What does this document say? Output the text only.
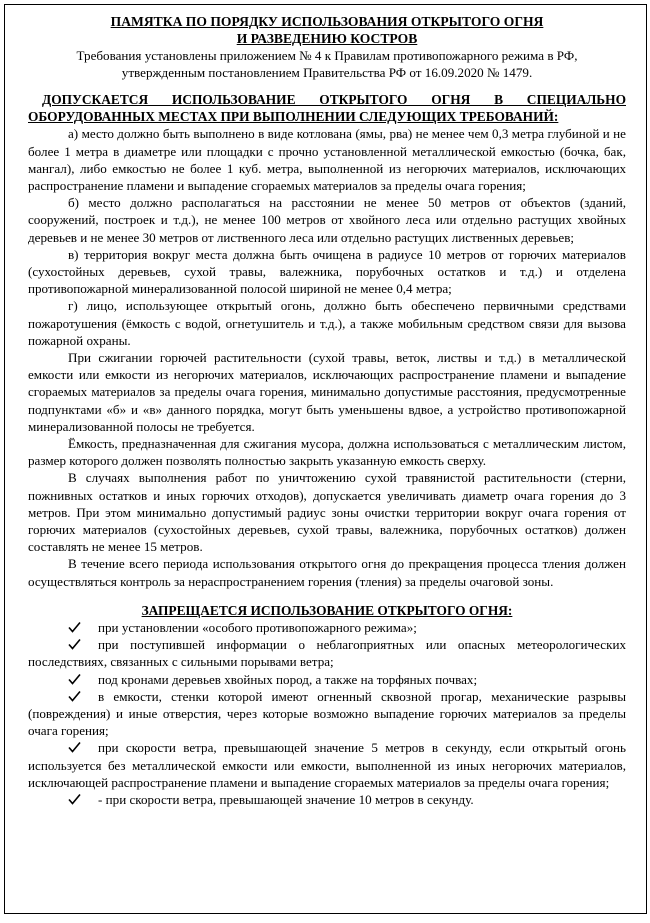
ПАМЯТКА ПО ПОРЯДКУ ИСПОЛЬЗОВАНИЯ ОТКРЫТОГО ОГНЯ
И РАЗВЕДЕНИЮ КОСТРОВ

Требования установлены приложением № 4 к Правилам противопожарного режима в РФ,
утвержденным постановлением Правительства РФ от 16.09.2020 № 1479.

ДОПУСКАЕТСЯ ИСПОЛЬЗОВАНИЕ ОТКРЫТОГО ОГНЯ В СПЕЦИАЛЬНО ОБОРУДОВАННЫХ МЕСТАХ ПРИ ВЫПОЛНЕНИИ СЛЕДУЮЩИХ ТРЕБОВАНИЙ:

а) место должно быть выполнено в виде котлована (ямы, рва) не менее чем 0,3 метра глубиной и не более 1 метра в диаметре или площадки с прочно установленной металлической емкостью (бочка, бак, мангал), либо емкостью не более 1 куб. метра, выполненной из негорючих материалов, исключающих распространение пламени и выпадение сгораемых материалов за пределы очага горения;

б) место должно располагаться на расстоянии не менее 50 метров от объектов (зданий, сооружений, построек и т.д.), не менее 100 метров от хвойного леса или отдельно растущих хвойных деревьев и не менее 30 метров от лиственного леса или отдельно растущих лиственных деревьев;

в) территория вокруг места должна быть очищена в радиусе 10 метров от горючих материалов (сухостойных деревьев, сухой травы, валежника, порубочных остатков и т.д.) и отделена противопожарной минерализованной полосой шириной не менее 0,4 метра;

г) лицо, использующее открытый огонь, должно быть обеспечено первичными средствами пожаротушения (ёмкость с водой, огнетушитель и т.д.), а также мобильным средством связи для вызова пожарной охраны.

При сжигании горючей растительности (сухой травы, веток, листвы и т.д.) в металлической емкости или емкости из негорючих материалов, исключающих распространение пламени и выпадение сгораемых материалов за пределы очага горения, минимально допустимые расстояния, предусмотренные подпунктами «б» и «в» данного порядка, могут быть уменьшены вдвое, а устройство противопожарной минерализованной полосы не требуется.

Ёмкость, предназначенная для сжигания мусора, должна использоваться с металлическим листом, размер которого должен позволять полностью закрыть указанную емкость сверху.

В случаях выполнения работ по уничтожению сухой травянистой растительности (стерни, пожнивных остатков и иных горючих отходов), допускается увеличивать диаметр очага горения до 3 метров. При этом минимально допустимый радиус зоны очистки территории вокруг очага горения от горючих материалов (сухостойных деревьев, сухой травы, валежника, порубочных остатков) должен составлять не менее 15 метров.

В течение всего периода использования открытого огня до прекращения процесса тления должен осуществляться контроль за нераспространением горения (тления) за пределы очаговой зоны.

ЗАПРЕЩАЕТСЯ ИСПОЛЬЗОВАНИЕ ОТКРЫТОГО ОГНЯ:

при установлении «особого противопожарного режима»;

при поступившей информации о неблагоприятных или опасных метеорологических последствиях, связанных с сильными порывами ветра;

под кронами деревьев хвойных пород, а также на торфяных почвах;

в емкости, стенки которой имеют огненный сквозной прогар, механические разрывы (повреждения) и иные отверстия, через которые возможно выпадение горючих материалов за пределы очага горения;

при скорости ветра, превышающей значение 5 метров в секунду, если открытый огонь используется без металлической емкости или емкости, выполненной из иных негорючих материалов, исключающей распространение пламени и выпадение сгораемых материалов за пределы очага горения;

- при скорости ветра, превышающей значение 10 метров в секунду.
